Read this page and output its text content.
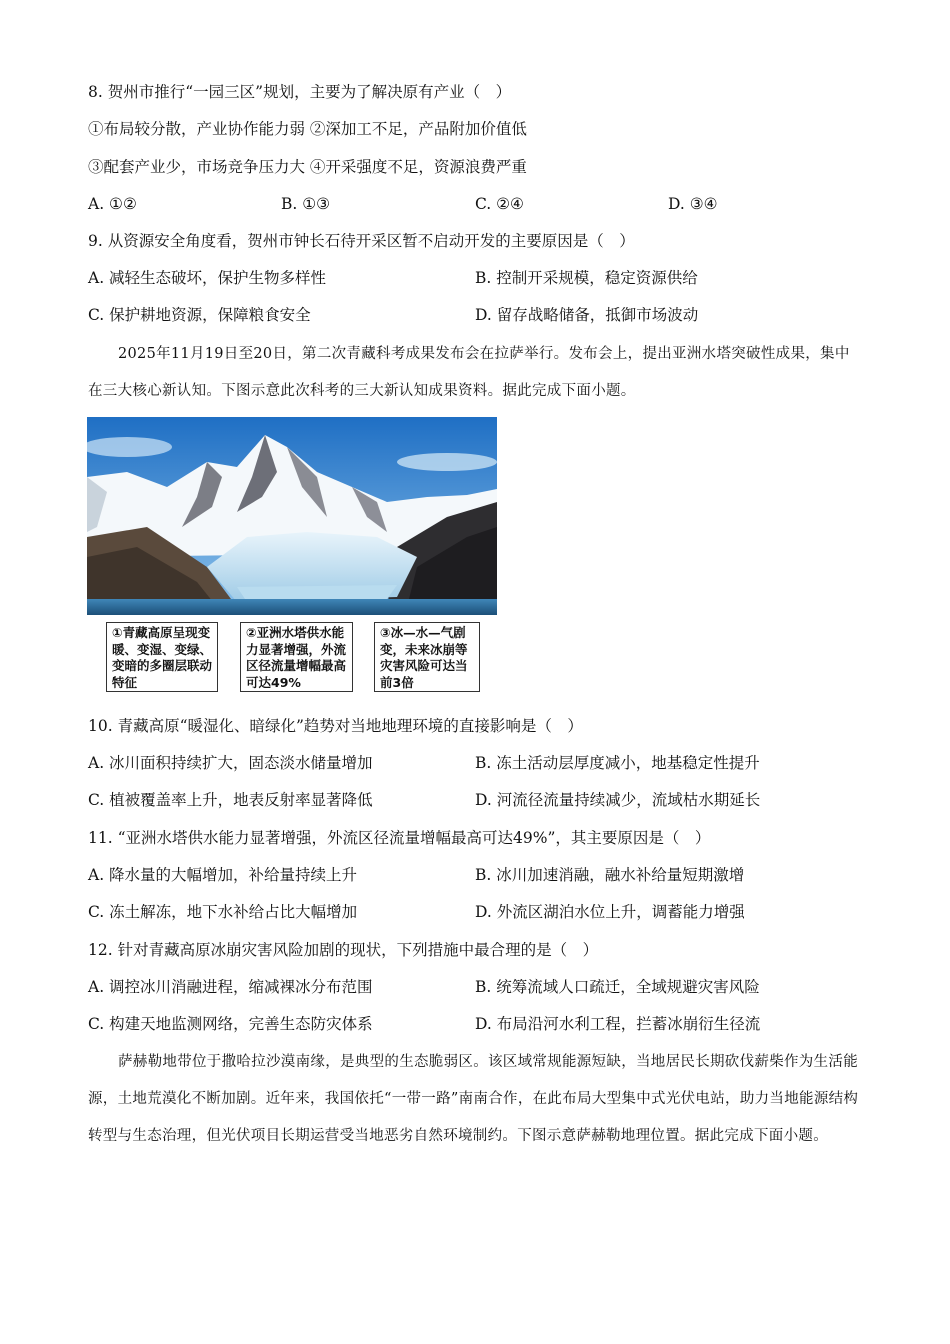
8. 贺州市推行“一园三区”规划，主要为了解决原有产业（　）
①布局较分散，产业协作能力弱 ②深加工不足，产品附加价值低
③配套产业少，市场竞争压力大 ④开采强度不足，资源浪费严重
A. ①②	B. ①③	C. ②④	D. ③④
9. 从资源安全角度看，贺州市钟长石待开采区暂不启动开发的主要原因是（　）
A. 减轻生态破坏，保护生物多样性	B. 控制开采规模，稳定资源供给
C. 保护耕地资源，保障粮食安全	D. 留存战略储备，抵御市场波动
2025年11月19日至20日，第二次青藏科考成果发布会在拉萨举行。发布会上，提出亚洲水塔突破性成果，集中在三大核心新认知。下图示意此次科考的三大新认知成果资料。据此完成下面小题。
①青藏高原呈现变暖、变湿、变绿、变暗的多圈层联动特征
②亚洲水塔供水能力显著增强，外流区径流量增幅最高可达49%
③冰—水—气剧变，未来冰崩等灾害风险可达当前3倍
10. 青藏高原“暖湿化、暗绿化”趋势对当地地理环境的直接影响是（　）
A. 冰川面积持续扩大，固态淡水储量增加	B. 冻土活动层厚度减小，地基稳定性提升
C. 植被覆盖率上升，地表反射率显著降低	D. 河流径流量持续减少，流域枯水期延长
11. “亚洲水塔供水能力显著增强，外流区径流量增幅最高可达49%”，其主要原因是（　）
A. 降水量的大幅增加，补给量持续上升	B. 冰川加速消融，融水补给量短期激增
C. 冻土解冻，地下水补给占比大幅增加	D. 外流区湖泊水位上升，调蓄能力增强
12. 针对青藏高原冰崩灾害风险加剧的现状，下列措施中最合理的是（　）
A. 调控冰川消融进程，缩减裸冰分布范围	B. 统筹流域人口疏迁，全域规避灾害风险
C. 构建天地监测网络，完善生态防灾体系	D. 布局沿河水利工程，拦蓄冰崩衍生径流
萨赫勒地带位于撒哈拉沙漠南缘，是典型的生态脆弱区。该区域常规能源短缺，当地居民长期砍伐薪柴作为生活能源，土地荒漠化不断加剧。近年来，我国依托“一带一路”南南合作，在此布局大型集中式光伏电站，助力当地能源结构转型与生态治理，但光伏项目长期运营受当地恶劣自然环境制约。下图示意萨赫勒地理位置。据此完成下面小题。
